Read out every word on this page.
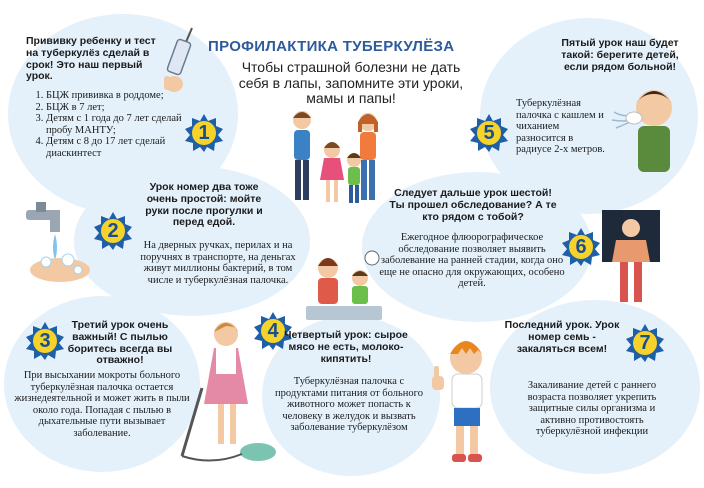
ПРОФИЛАКТИКА ТУБЕРКУЛЁЗА
Чтобы страшной болезни не дать себя в лапы, запомните эти уроки, мамы и папы!
Прививку ребенку и тест на туберкулёз сделай в срок! Это наш первый урок.
1. БЦЖ прививка в роддоме;
2. БЦЖ в 7 лет;
3. Детям с 1 года до 7 лет сделай пробу МАНТУ;
4. Детям с 8 до 17 лет сделай диаскинтест
1
Пятый урок наш будет такой: берегите детей, если рядом больной!
Туберкулёзная палочка с кашлем и чиханием разносится в радиусе 2-х метров.
5
Урок номер два тоже очень простой: мойте руки после прогулки и перед едой.
На дверных ручках, перилах и на поручнях в транспорте, на деньгах живут миллионы бактерий, в том числе и туберкулёзная палочка.
2
Следует дальше урок шестой! Ты прошел обследование? А те кто рядом с тобой?
Ежегодное флюорографическое обследование позволяет выявить заболевание на ранней стадии, когда оно еще не опасно для окружающих, особено детей.
6
3
Третий урок очень важный! С пылью боритесь всегда вы отважно!
При высыхании мокроты больного туберкулёзная палочка остается жизнедеятельной и может жить в пыли около года. Попадая с пылью в дыхательные пути вызывает заболевание.
4 Четвертый урок: сырое мясо не есть, молоко-кипятить!
Туберкулёзная палочка с продуктами питания от больного животного может попасть к человеку в желудок и вызвать заболевание туберкулёзом
Последний урок. Урок номер семь - закаляться всем!	7
Закаливание детей с раннего возраста позволяет укрепить защитные силы организма и активно противостоять туберкулёзной инфекции
